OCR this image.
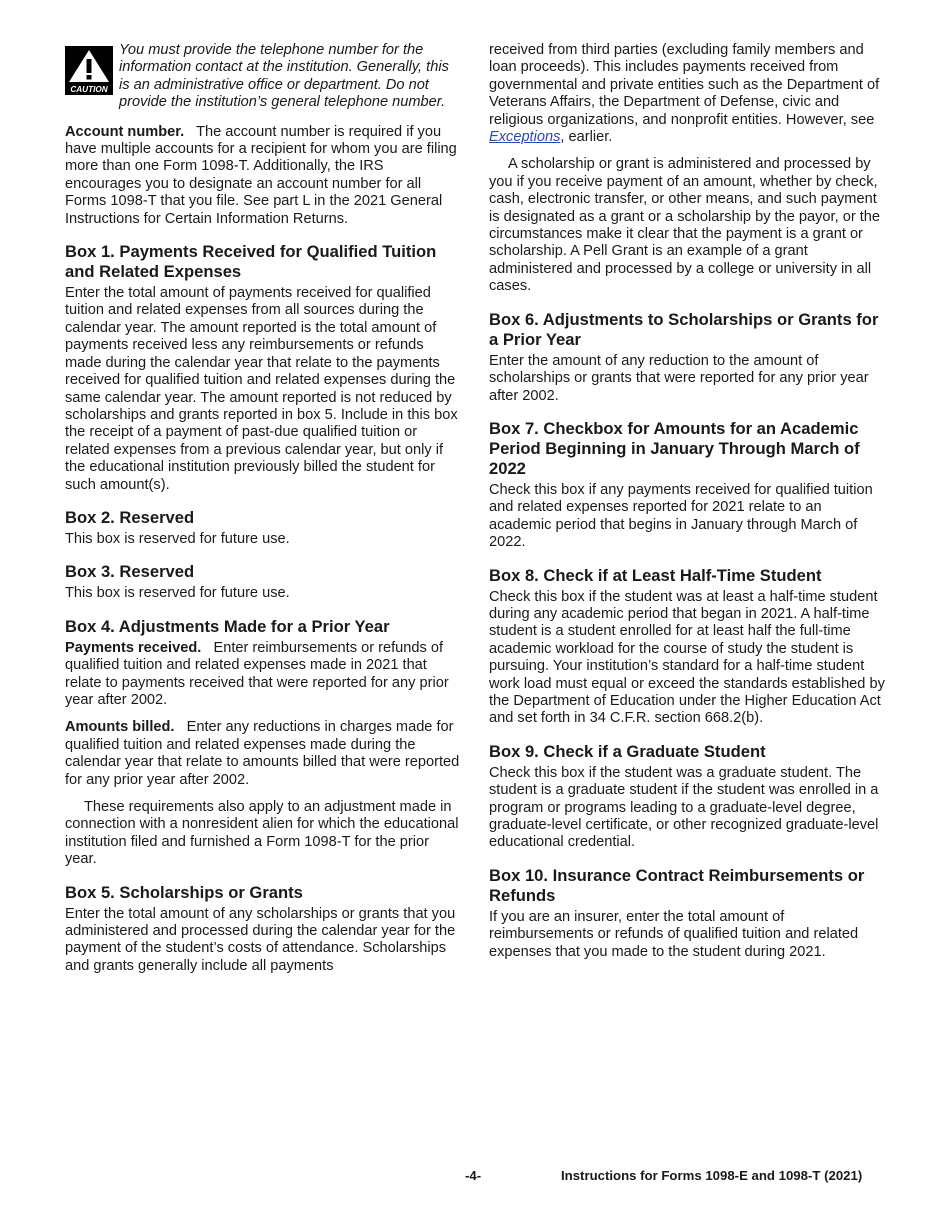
CAUTION
You must provide the telephone number for the information contact at the institution. Generally, this is an administrative office or department. Do not provide the institution’s general telephone number.

Account number. The account number is required if you have multiple accounts for a recipient for whom you are filing more than one Form 1098-T. Additionally, the IRS encourages you to designate an account number for all Forms 1098-T that you file. See part L in the 2021 General Instructions for Certain Information Returns.

Box 1. Payments Received for Qualified Tuition and Related Expenses

Enter the total amount of payments received for qualified tuition and related expenses from all sources during the calendar year. The amount reported is the total amount of payments received less any reimbursements or refunds made during the calendar year that relate to the payments received for qualified tuition and related expenses during the same calendar year. The amount reported is not reduced by scholarships and grants reported in box 5. Include in this box the receipt of a payment of past-due qualified tuition or related expenses from a previous calendar year, but only if the educational institution previously billed the student for such amount(s).

Box 2. Reserved

This box is reserved for future use.

Box 3. Reserved

This box is reserved for future use.

Box 4. Adjustments Made for a Prior Year

Payments received. Enter reimbursements or refunds of qualified tuition and related expenses made in 2021 that relate to payments received that were reported for any prior year after 2002.

Amounts billed. Enter any reductions in charges made for qualified tuition and related expenses made during the calendar year that relate to amounts billed that were reported for any prior year after 2002.

These requirements also apply to an adjustment made in connection with a nonresident alien for which the educational institution filed and furnished a Form 1098-T for the prior year.

Box 5. Scholarships or Grants

Enter the total amount of any scholarships or grants that you administered and processed during the calendar year for the payment of the student’s costs of attendance. Scholarships and grants generally include all payments

received from third parties (excluding family members and loan proceeds). This includes payments received from governmental and private entities such as the Department of Veterans Affairs, the Department of Defense, civic and religious organizations, and nonprofit entities. However, see Exceptions, earlier.

A scholarship or grant is administered and processed by you if you receive payment of an amount, whether by check, cash, electronic transfer, or other means, and such payment is designated as a grant or a scholarship by the payor, or the circumstances make it clear that the payment is a grant or scholarship. A Pell Grant is an example of a grant administered and processed by a college or university in all cases.

Box 6. Adjustments to Scholarships or Grants for a Prior Year

Enter the amount of any reduction to the amount of scholarships or grants that were reported for any prior year after 2002.

Box 7. Checkbox for Amounts for an Academic Period Beginning in January Through March of 2022

Check this box if any payments received for qualified tuition and related expenses reported for 2021 relate to an academic period that begins in January through March of 2022.

Box 8. Check if at Least Half-Time Student

Check this box if the student was at least a half-time student during any academic period that began in 2021. A half-time student is a student enrolled for at least half the full-time academic workload for the course of study the student is pursuing. Your institution’s standard for a half-time student work load must equal or exceed the standards established by the Department of Education under the Higher Education Act and set forth in 34 C.F.R. section 668.2(b).

Box 9. Check if a Graduate Student

Check this box if the student was a graduate student. The student is a graduate student if the student was enrolled in a program or programs leading to a graduate-level degree, graduate-level certificate, or other recognized graduate-level educational credential.

Box 10. Insurance Contract Reimbursements or Refunds

If you are an insurer, enter the total amount of reimbursements or refunds of qualified tuition and related expenses that you made to the student during 2021.

-4-	Instructions for Forms 1098-E and 1098-T (2021)
